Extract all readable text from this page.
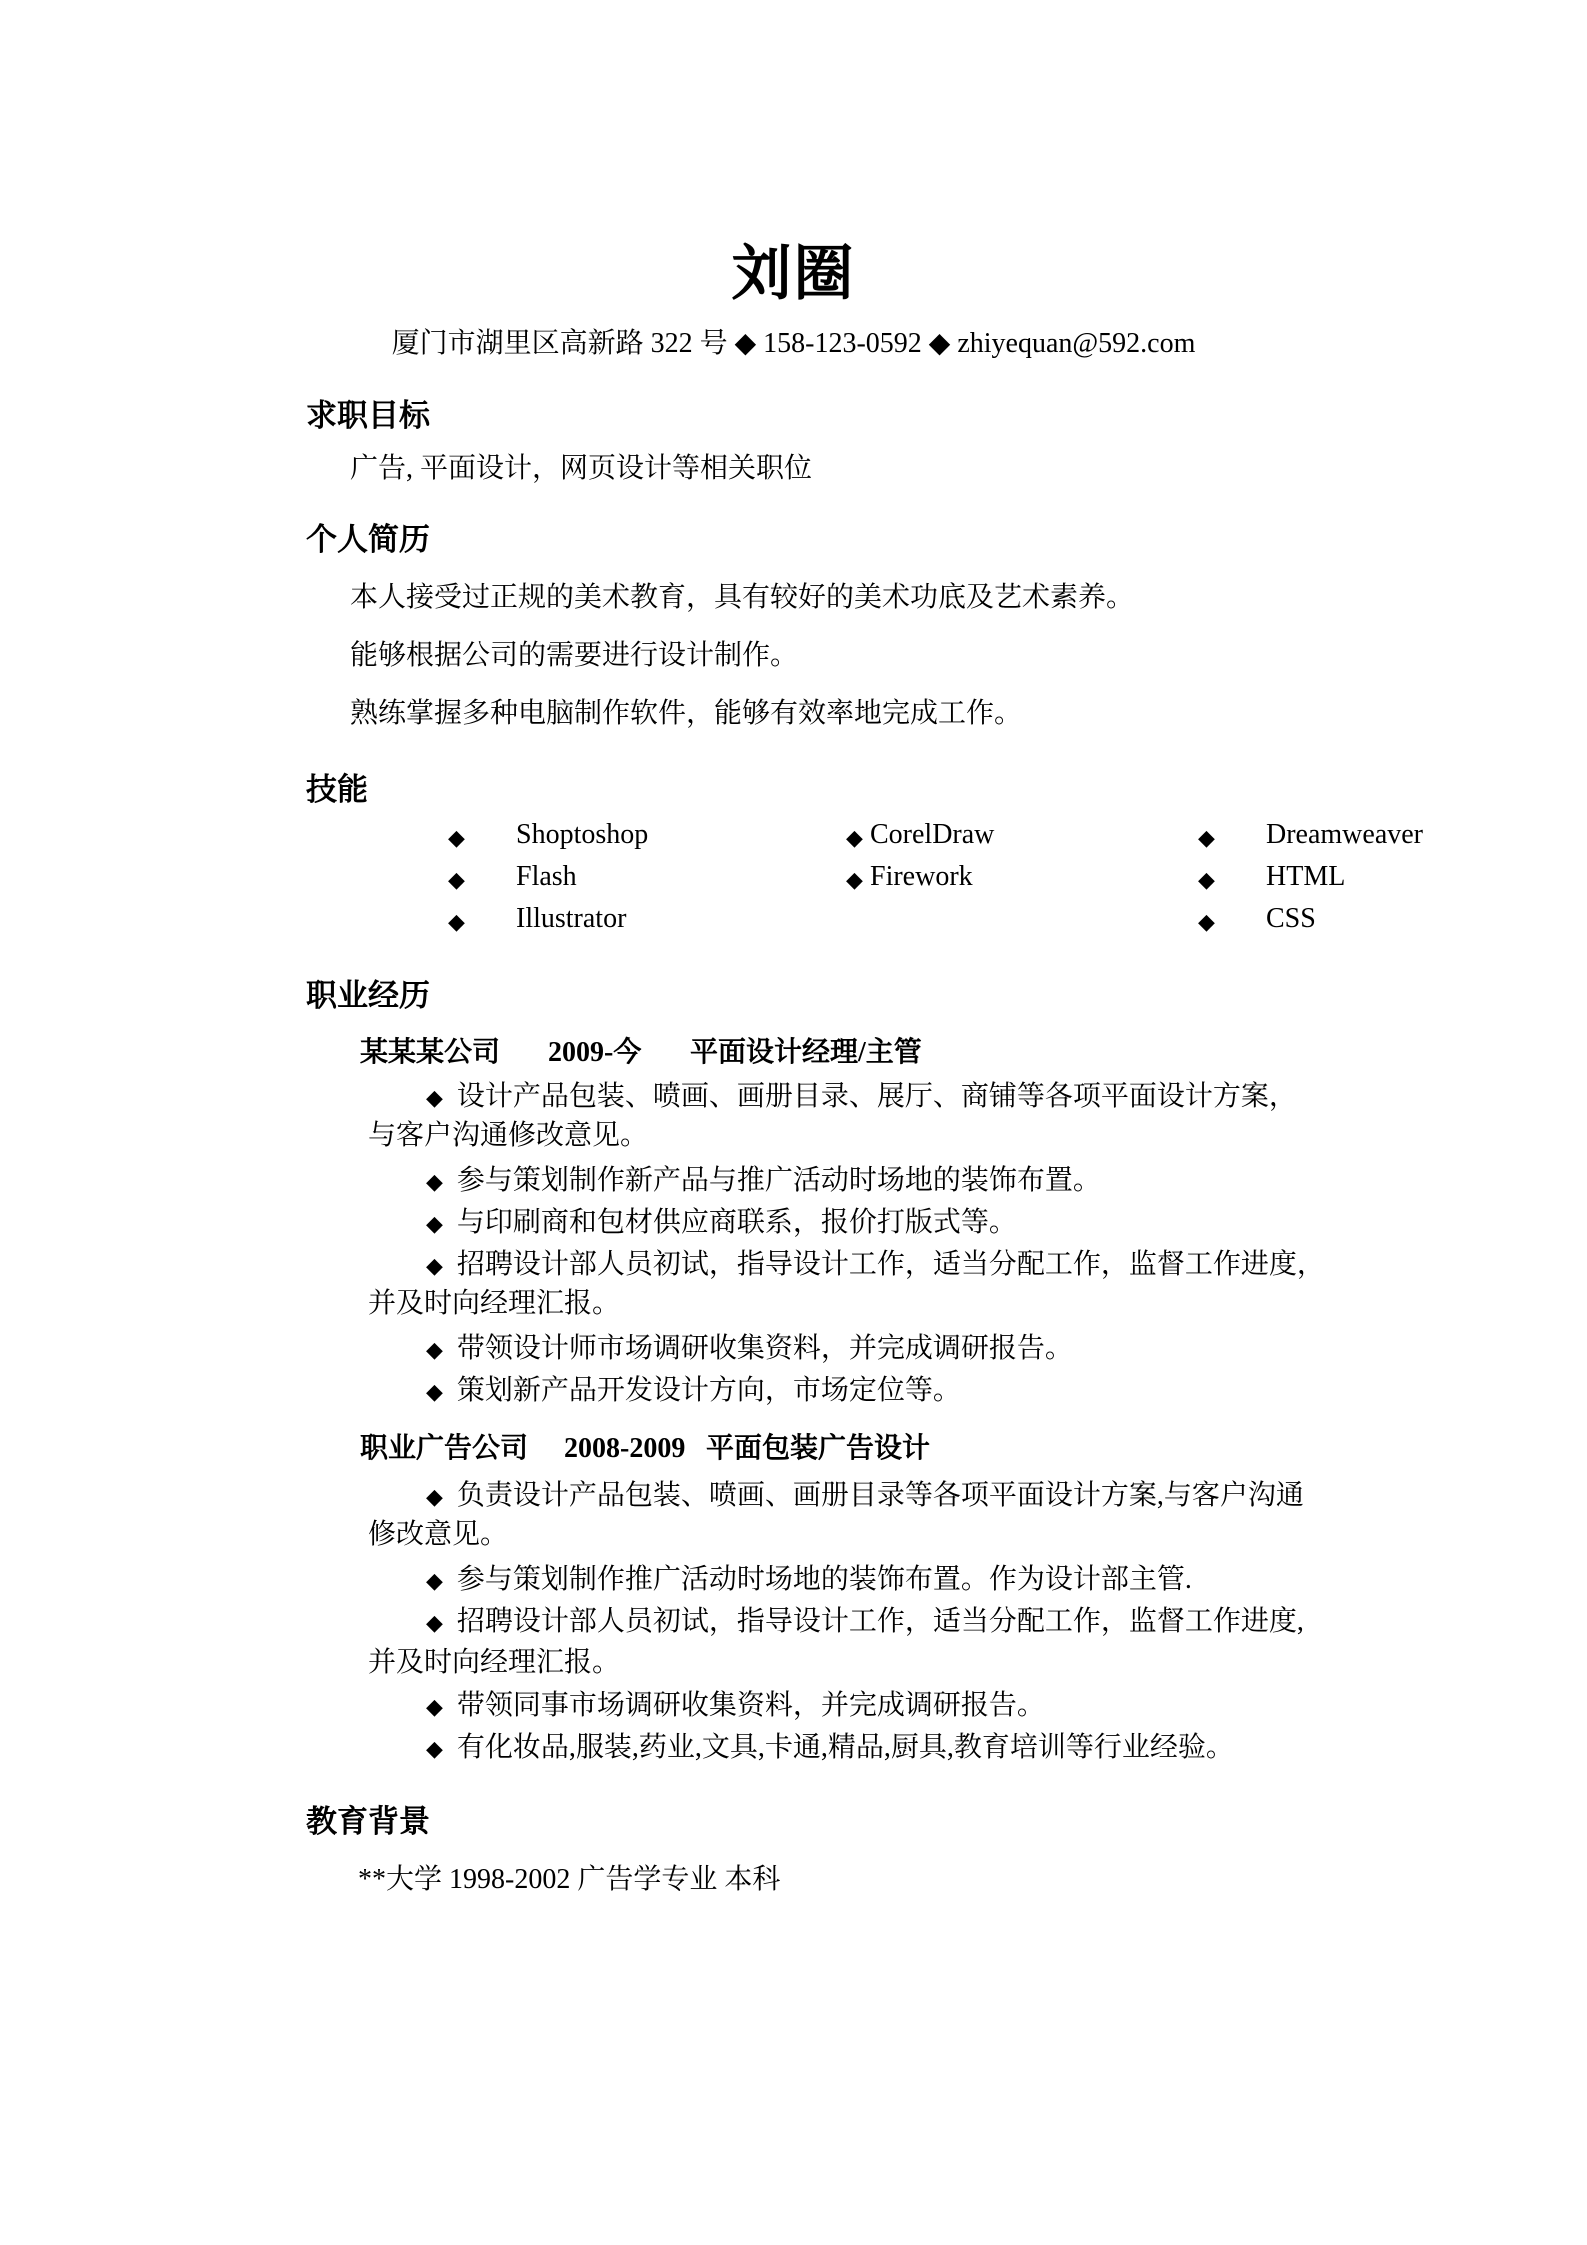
刘圈
厦门市湖里区高新路 322 号 ◆ 158-123-0592 ◆ zhiyequan@592.com
求职目标
广告, 平面设计，网页设计等相关职位
个人简历
本人接受过正规的美术教育，具有较好的美术功底及艺术素养。
能够根据公司的需要进行设计制作。
熟练掌握多种电脑制作软件，能够有效率地完成工作。
技能
◆ Shoptoshop
◆ Flash
◆ Illustrator
◆ CorelDraw
◆ Firework
◆ Dreamweaver
◆ HTML
◆ CSS
职业经历
某某某公司 2009-今 平面设计经理/主管
◆ 设计产品包装、喷画、画册目录、展厅、商铺等各项平面设计方案，
与客户沟通修改意见。
◆ 参与策划制作新产品与推广活动时场地的装饰布置。
◆ 与印刷商和包材供应商联系，报价打版式等。
◆ 招聘设计部人员初试，指导设计工作，适当分配工作，监督工作进度，
并及时向经理汇报。
◆ 带领设计师市场调研收集资料，并完成调研报告。
◆ 策划新产品开发设计方向，市场定位等。
职业广告公司 2008-2009 平面包装广告设计
◆ 负责设计产品包装、喷画、画册目录等各项平面设计方案,与客户沟通
修改意见。
◆ 参与策划制作推广活动时场地的装饰布置。作为设计部主管.
◆ 招聘设计部人员初试，指导设计工作，适当分配工作，监督工作进度,
并及时向经理汇报。
◆ 带领同事市场调研收集资料，并完成调研报告。
◆ 有化妆品,服装,药业,文具,卡通,精品,厨具,教育培训等行业经验。
教育背景
**大学 1998-2002 广告学专业 本科
